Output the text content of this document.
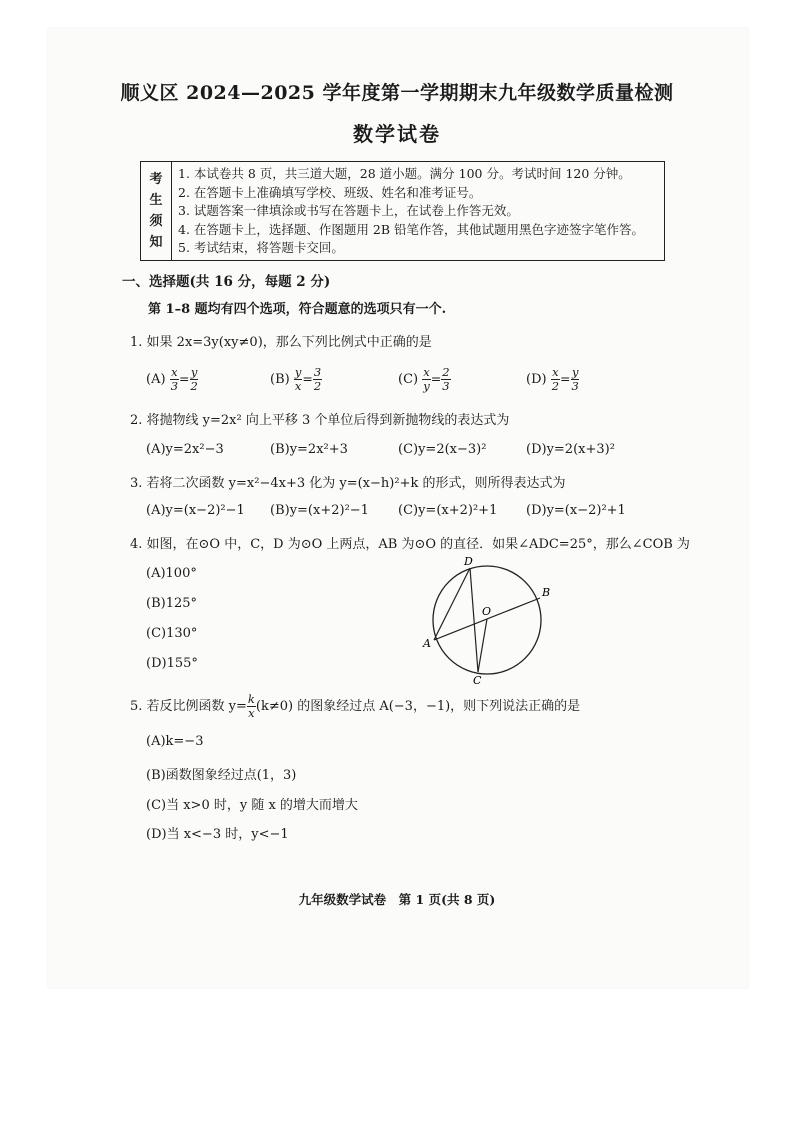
顺义区 2024—2025 学年度第一学期期末九年级数学质量检测
数学试卷
考
生
须
知
1. 本试卷共 8 页，共三道大题，28 道小题。满分 100 分。考试时间 120 分钟。
2. 在答题卡上准确填写学校、班级、姓名和准考证号。
3. 试题答案一律填涂或书写在答题卡上，在试卷上作答无效。
4. 在答题卡上，选择题、作图题用 2B 铅笔作答，其他试题用黑色字迹签字笔作答。
5. 考试结束，将答题卡交回。
一、选择题(共 16 分，每题 2 分)
第 1–8 题均有四个选项，符合题意的选项只有一个.
1. 如果 2x=3y(xy≠0)，那么下列比例式中正确的是
$(A) \frac{x}{3} = \frac{y}{2}$	$(B) \frac{y}{x} = \frac{3}{2}$	$(C) \frac{x}{y} = \frac{2}{3}$	$(D) \frac{x}{2} = \frac{y}{3}$
2. 将抛物线 y=2x² 向上平移 3 个单位后得到新抛物线的表达式为
(A)y=2x²−3	(B)y=2x²+3	(C)y=2(x−3)²	(D)y=2(x+3)²
3. 若将二次函数 y=x²−4x+3 化为 y=(x−h)²+k 的形式，则所得表达式为
(A)y=(x−2)²−1 (B)y=(x+2)²−1 (C)y=(x+2)²+1 (D)y=(x−2)²+1
4. 如图，在⊙O 中，C，D 为⊙O 上两点，AB 为⊙O 的直径．如果∠ADC=25°，那么∠COB 为
(A)100°
(B)125°
(C)130°
(D)155°
D
B
O
A
C
5. 若反比例函数 $y= \frac{k}{x} (k\ne 0)$ 的图象经过点 A(−3，−1)，则下列说法正确的是
(A)k=−3
(B)函数图象经过点(1，3)
(C)当 x>0 时，y 随 x 的增大而增大
(D)当 x<−3 时，y<−1
九年级数学试卷　第 1 页(共 8 页)
